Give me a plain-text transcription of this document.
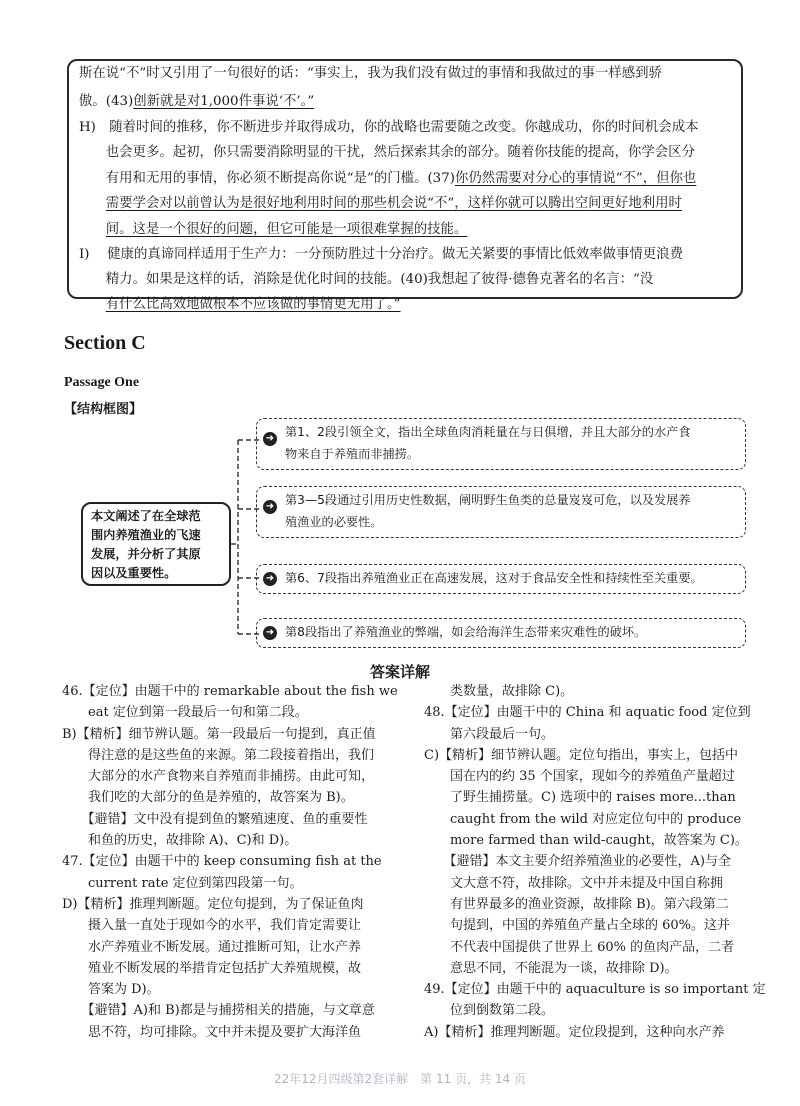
斯在说“不”时又引用了一句很好的话：“事实上，我为我们没有做过的事情和我做过的事一样感到骄
傲。(43)创新就是对1,000件事说‘不’。”
H)　随着时间的推移，你不断进步并取得成功，你的战略也需要随之改变。你越成功，你的时间机会成本
　　也会更多。起初，你只需要消除明显的干扰，然后探索其余的部分。随着你技能的提高，你学会区分
　　有用和无用的事情，你必须不断提高你说“是”的门槛。(37)你仍然需要对分心的事情说“不”，但你也
　　需要学会对以前曾认为是很好地利用时间的那些机会说“不”，这样你就可以腾出空间更好地利用时
　　间。这是一个很好的问题，但它可能是一项很难掌握的技能。
I)　 健康的真谛同样适用于生产力：一分预防胜过十分治疗。做无关紧要的事情比低效率做事情更浪费
　　精力。如果是这样的话，消除是优化时间的技能。(40)我想起了彼得·德鲁克著名的名言：“没
　　有什么比高效地做根本不应该做的事情更无用了。”
Section C
Passage One
【结构框图】
本文阐述了在全球范
围内养殖渔业的飞速
发展，并分析了其原
因以及重要性。
➜ 第1、2段引领全文，指出全球鱼肉消耗量在与日俱增，并且大部分的水产食
物来自于养殖而非捕捞。
➜ 第3—5段通过引用历史性数据，阐明野生鱼类的总量岌岌可危，以及发展养
殖渔业的必要性。
➜ 第6、7段指出养殖渔业正在高速发展，这对于食品安全性和持续性至关重要。
➜ 第8段指出了养殖渔业的弊端，如会给海洋生态带来灾难性的破坏。
答案详解
46.【定位】由题干中的 remarkable about the fish we
　　eat 定位到第一段最后一句和第二段。
B)【精析】细节辨认题。第一段最后一句提到，真正值
　　得注意的是这些鱼的来源。第二段接着指出，我们
　　大部分的水产食物来自养殖而非捕捞。由此可知，
　　我们吃的大部分的鱼是养殖的，故答案为 B)。
　　【避错】文中没有提到鱼的繁殖速度、鱼的重要性
　　和鱼的历史，故排除 A)、C)和 D)。
47.【定位】由题干中的 keep consuming fish at the
　　current rate 定位到第四段第一句。
D)【精析】推理判断题。定位句提到，为了保证鱼肉
　　摄入量一直处于现如今的水平，我们肯定需要让
　　水产养殖业不断发展。通过推断可知，让水产养
　　殖业不断发展的举措肯定包括扩大养殖规模，故
　　答案为 D)。
　　【避错】A)和 B)都是与捕捞相关的措施，与文章意
　　思不符，均可排除。文中并未提及要扩大海洋鱼
　　类数量，故排除 C)。
48.【定位】由题干中的 China 和 aquatic food 定位到
　　第六段最后一句。
C)【精析】细节辨认题。定位句指出，事实上，包括中
　　国在内的约 35 个国家，现如今的养殖鱼产量超过
　　了野生捕捞量。C) 选项中的 raises more...than
　　caught from the wild 对应定位句中的 produce
　　more farmed than wild-caught，故答案为 C)。
　　【避错】本文主要介绍养殖渔业的必要性，A)与全
　　文大意不符，故排除。文中并未提及中国自称拥
　　有世界最多的渔业资源，故排除 B)。第六段第二
　　句提到，中国的养殖鱼产量占全球的 60%。这并
　　不代表中国提供了世界上 60% 的鱼肉产品，二者
　　意思不同，不能混为一谈，故排除 D)。
49.【定位】由题干中的 aquaculture is so important 定
　　位到倒数第二段。
A)【精析】推理判断题。定位段提到，这种向水产养
22年12月四级第2套详解　第 11 页，共 14 页
